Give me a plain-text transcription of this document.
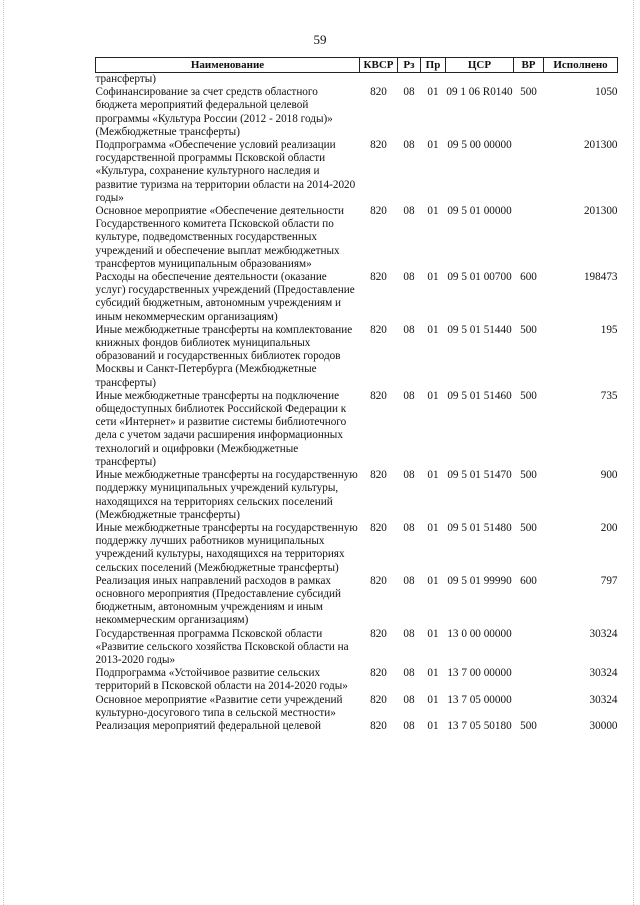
59
Наименование	КВСР	Рз	Пр	ЦСР	ВР	Исполнено
трансферты)						
Софинансирование за счет средств областного бюджета мероприятий федеральной целевой программы «Культура России (2012 - 2018 годы)» (Межбюджетные трансферты)	820	08	01	09 1 06 R0140	500	1050
Подпрограмма «Обеспечение условий реализации государственной программы Псковской области «Культура, сохранение культурного наследия и развитие туризма на территории области на 2014-2020 годы»	820	08	01	09 5 00 00000		201300
Основное мероприятие «Обеспечение деятельности Государственного комитета Псковской области по культуре, подведомственных государственных учреждений и обеспечение выплат межбюджетных трансфертов муниципальным образованиям»	820	08	01	09 5 01 00000		201300
Расходы на обеспечение деятельности (оказание услуг) государственных учреждений (Предоставление субсидий бюджетным, автономным учреждениям и иным некоммерческим организациям)	820	08	01	09 5 01 00700	600	198473
Иные межбюджетные трансферты на комплектование книжных фондов библиотек муниципальных образований и государственных библиотек городов Москвы и Санкт-Петербурга (Межбюджетные трансферты)	820	08	01	09 5 01 51440	500	195
Иные межбюджетные трансферты на подключение общедоступных библиотек Российской Федерации к сети «Интернет» и развитие системы библиотечного дела с учетом задачи расширения информационных технологий и оцифровки (Межбюджетные трансферты)	820	08	01	09 5 01 51460	500	735
Иные межбюджетные трансферты на государственную поддержку муниципальных учреждений культуры, находящихся на территориях сельских поселений (Межбюджетные трансферты)	820	08	01	09 5 01 51470	500	900
Иные межбюджетные трансферты на государственную поддержку лучших работников муниципальных учреждений культуры, находящихся на территориях сельских поселений (Межбюджетные трансферты)	820	08	01	09 5 01 51480	500	200
Реализация иных направлений расходов в рамках основного мероприятия (Предоставление субсидий бюджетным, автономным учреждениям и иным некоммерческим организациям)	820	08	01	09 5 01 99990	600	797
Государственная программа Псковской области «Развитие сельского хозяйства Псковской области на 2013-2020 годы»	820	08	01	13 0 00 00000		30324
Подпрограмма «Устойчивое развитие сельских территорий в Псковской области на 2014-2020 годы»	820	08	01	13 7 00 00000		30324
Основное мероприятие «Развитие сети учреждений культурно-досугового типа в сельской местности»	820	08	01	13 7 05 00000		30324
Реализация мероприятий федеральной целевой	820	08	01	13 7 05 50180	500	30000
